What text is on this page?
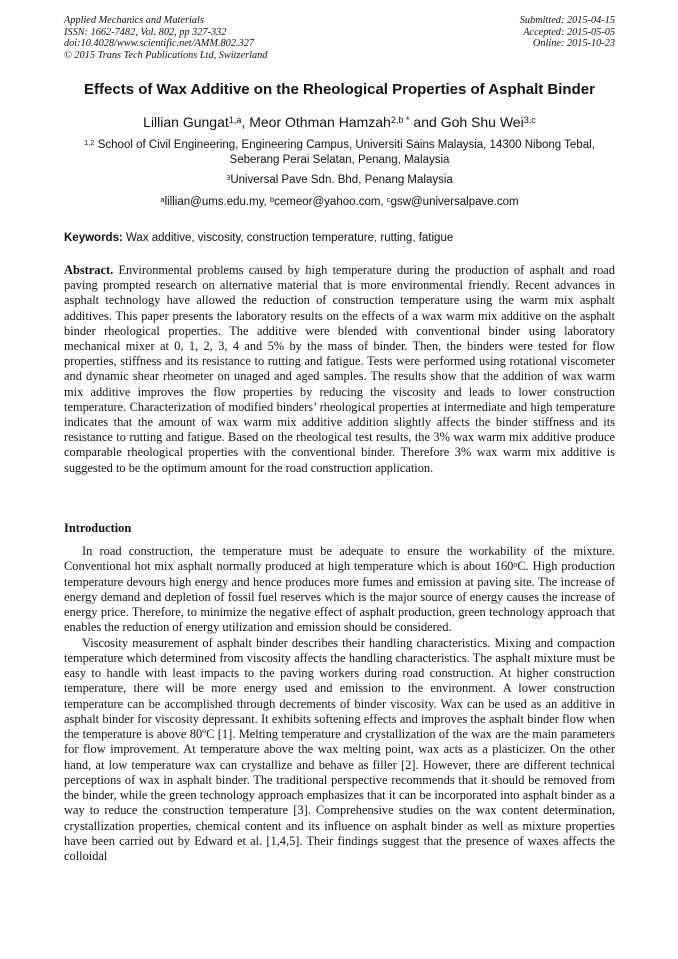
Applied Mechanics and Materials
ISSN: 1662-7482, Vol. 802, pp 327-332
doi:10.4028/www.scientific.net/AMM.802.327
© 2015 Trans Tech Publications Ltd, Switzerland
Submitted: 2015-04-15
Accepted: 2015-05-05
Online: 2015-10-23
Effects of Wax Additive on the Rheological Properties of Asphalt Binder
Lillian Gungat$^{1,a}$, Meor Othman Hamzah$^{2,b *}$ and Goh Shu Wei$^{3,c}$
$^{1,2}$ School of Civil Engineering, Engineering Campus, Universiti Sains Malaysia, 14300 Nibong Tebal, Seberang Perai Selatan, Penang, Malaysia
$^3$Universal Pave Sdn. Bhd, Penang Malaysia
$^a$lillian@ums.edu.my, $^b$cemeor@yahoo.com, $^c$gsw@universalpave.com
Keywords: Wax additive, viscosity, construction temperature, rutting, fatigue

Abstract. Environmental problems caused by high temperature during the production of asphalt and road paving prompted research on alternative material that is more environmental friendly. Recent advances in asphalt technology have allowed the reduction of construction temperature using the warm mix asphalt additives. This paper presents the laboratory results on the effects of a wax warm mix additive on the asphalt binder rheological properties. The additive were blended with conventional binder using laboratory mechanical mixer at 0, 1, 2, 3, 4 and 5% by the mass of binder. Then, the binders were tested for flow properties, stiffness and its resistance to rutting and fatigue. Tests were performed using rotational viscometer and dynamic shear rheometer on unaged and aged samples. The results show that the addition of wax warm mix additive improves the flow properties by reducing the viscosity and leads to lower construction temperature. Characterization of modified binders’ rheological properties at intermediate and high temperature indicates that the amount of wax warm mix additive addition slightly affects the binder stiffness and its resistance to rutting and fatigue. Based on the rheological test results, the 3% wax warm mix additive produce comparable rheological properties with the conventional binder. Therefore 3% wax warm mix additive is suggested to be the optimum amount for the road construction application.

Introduction

In road construction, the temperature must be adequate to ensure the workability of the mixture. Conventional hot mix asphalt normally produced at high temperature which is about 160$^o$C. High production temperature devours high energy and hence produces more fumes and emission at paving site. The increase of energy demand and depletion of fossil fuel reserves which is the major source of energy causes the increase of energy price. Therefore, to minimize the negative effect of asphalt production, green technology approach that enables the reduction of energy utilization and emission should be considered.

Viscosity measurement of asphalt binder describes their handling characteristics. Mixing and compaction temperature which determined from viscosity affects the handling characteristics. The asphalt mixture must be easy to handle with least impacts to the paving workers during road construction. At higher construction temperature, there will be more energy used and emission to the environment. A lower construction temperature can be accomplished through decrements of binder viscosity. Wax can be used as an additive in asphalt binder for viscosity depressant. It exhibits softening effects and improves the asphalt binder flow when the temperature is above 80ºC [1]. Melting temperature and crystallization of the wax are the main parameters for flow improvement. At temperature above the wax melting point, wax acts as a plasticizer. On the other hand, at low temperature wax can crystallize and behave as filler [2]. However, there are different technical perceptions of wax in asphalt binder. The traditional perspective recommends that it should be removed from the binder, while the green technology approach emphasizes that it can be incorporated into asphalt binder as a way to reduce the construction temperature [3]. Comprehensive studies on the wax content determination, crystallization properties, chemical content and its influence on asphalt binder as well as mixture properties have been carried out by Edward et al. [1,4,5]. Their findings suggest that the presence of waxes affects the colloidal
